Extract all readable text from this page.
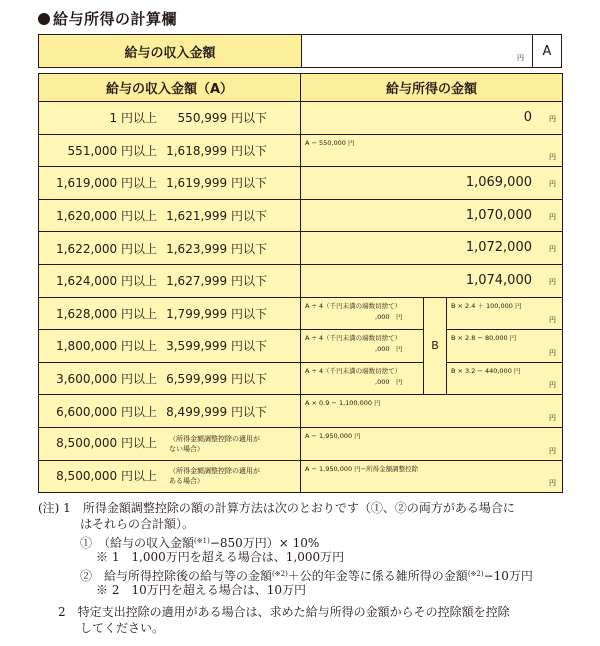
給与所得の計算欄
給与の収入金額	円	A
給与の収入金額（A）	給与所得の金額		
1 円以上 550,999 円以下	0 円		

551,000 円以上 1,618,999 円以下	A − 550,000 円
円		

1,619,000 円以上 1,619,999 円以下	1,069,000 円		

1,620,000 円以上 1,621,999 円以下	1,070,000 円		

1,622,000 円以上 1,623,999 円以下	1,072,000 円		

1,624,000 円以上 1,627,999 円以下	1,074,000 円		

1,628,000 円以上 1,799,999 円以下	A ÷ 4（千円未満の端数切捨て）
,000　円	B	B × 2.4 ＋ 100,000 円
円

1,800,000 円以上 3,599,999 円以下	A ÷ 4（千円未満の端数切捨て）
,000　円		B × 2.8 − 80,000 円
円

3,600,000 円以上 6,599,999 円以下	A ÷ 4（千円未満の端数切捨て）
,000　円		B × 3.2 − 440,000 円
円

6,600,000 円以上 8,499,999 円以下	A × 0.9 − 1,100,000 円
円		

8,500,000 円以上 （所得金額調整控除の適用が
ない場合）	A − 1,950,000 円
円		

8,500,000 円以上 （所得金額調整控除の適用が
ある場合）	A − 1,950,000 円−所得金額調整控除
円		
(注) 1　所得金額調整控除の額の計算方法は次のとおりです（①、②の両方がある場合に
はそれらの合計額）。
①　（給与の収入金額$^{(※1)}$−850万円）× 10%
※ 1　1,000万円を超える場合は、1,000万円
②　給与所得控除後の給与等の金額$^{(※2)}$＋公的年金等に係る雑所得の金額$^{(※2)}$−10万円
※ 2　10万円を超える場合は、10万円
2　特定支出控除の適用がある場合は、求めた給与所得の金額からその控除額を控除
してください。
